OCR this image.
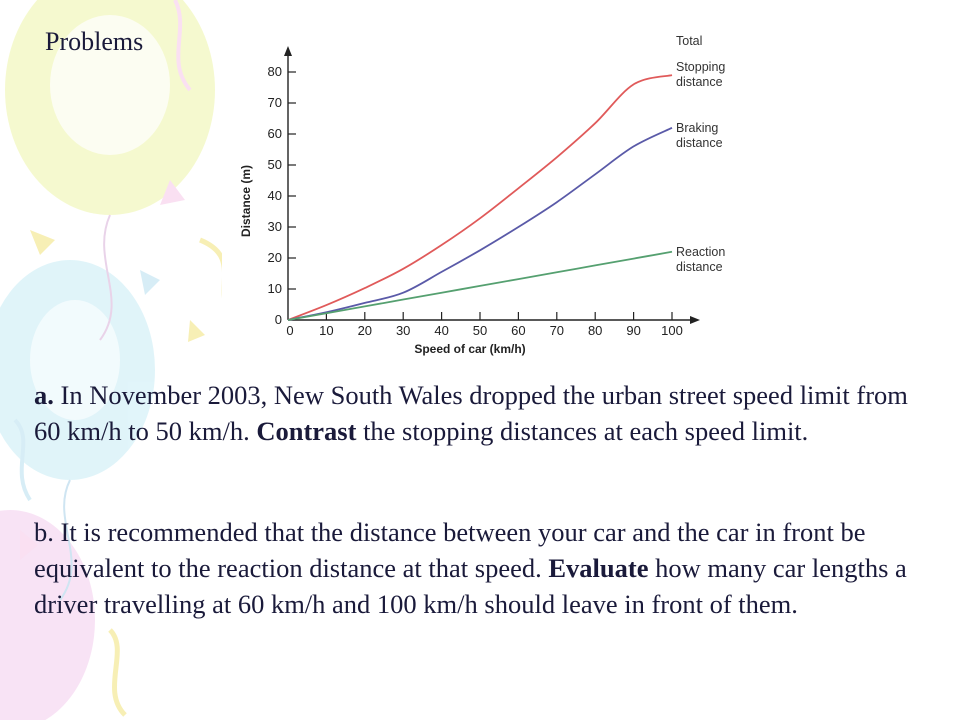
Problems
0
10
20
30
40
50
60
70
80
0 10 20 30 40 50 60 70 80 90 100
Speed of car (km/h)
Distance (m)
Total
Stopping
distance
Braking
distance
Reaction
distance
a. In November 2003, New South Wales dropped the urban street speed limit from 60 km/h to 50 km/h. Contrast the stopping distances at each speed limit.
b. It is recommended that the distance between your car and the car in front be equivalent to the reaction distance at that speed. Evaluate how many car lengths a driver travelling at 60 km/h and 100 km/h should leave in front of them.
